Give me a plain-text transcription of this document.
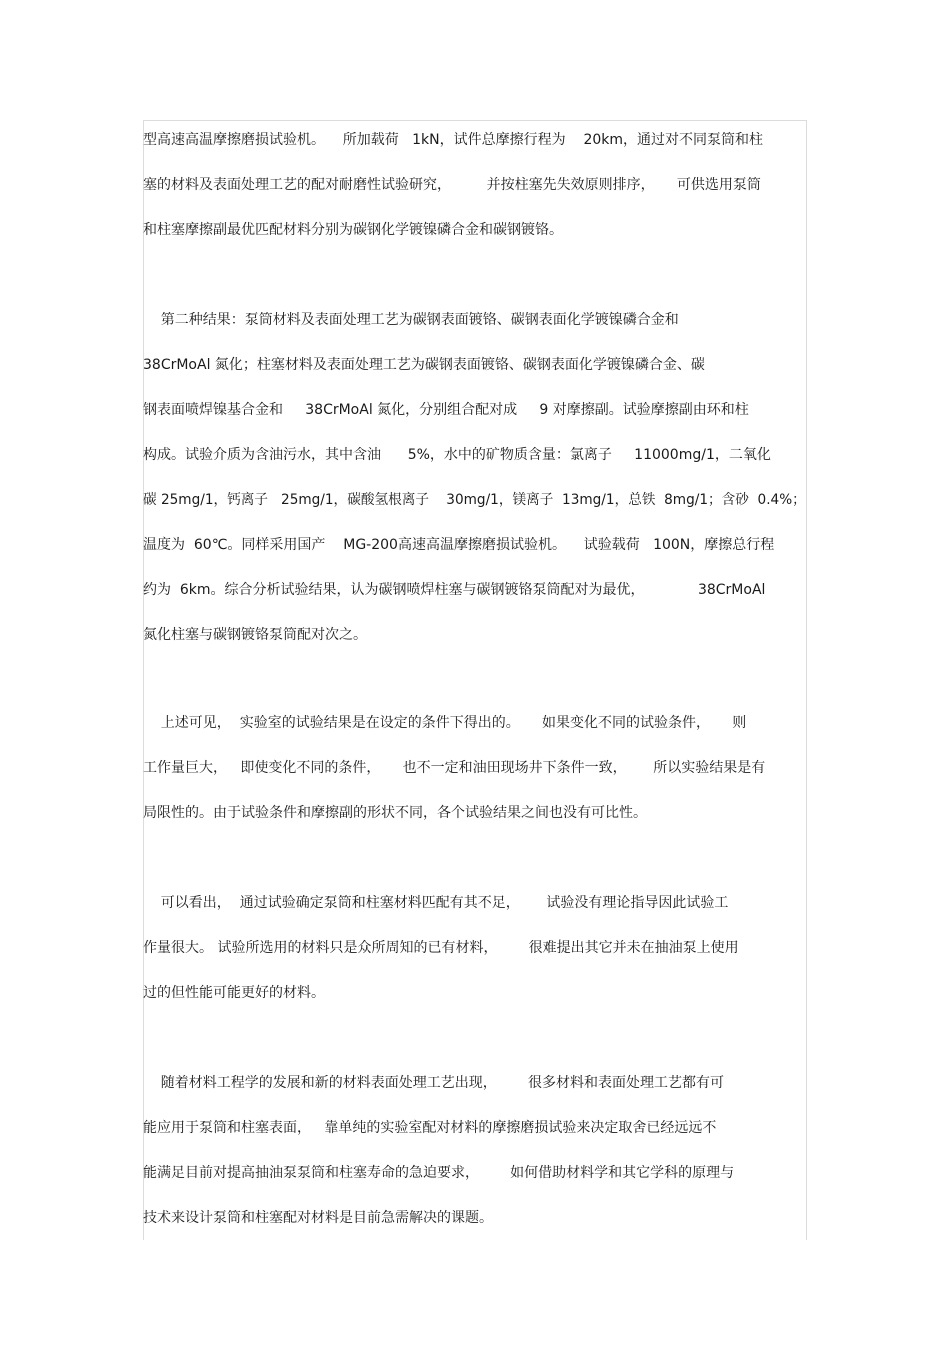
型高速高温摩擦磨损试验机。    所加载荷   1kN，试件总摩擦行程为    20km，通过对不同泵筒和柱
塞的材料及表面处理工艺的配对耐磨性试验研究，        并按柱塞先失效原则排序，     可供选用泵筒
和柱塞摩擦副最优匹配材料分别为碳钢化学镀镍磷合金和碳钢镀铬。
第二种结果：泵筒材料及表面处理工艺为碳钢表面镀铬、碳钢表面化学镀镍磷合金和
38CrMoAl 氮化；柱塞材料及表面处理工艺为碳钢表面镀铬、碳钢表面化学镀镍磷合金、碳
钢表面喷焊镍基合金和     38CrMoAl 氮化，分别组合配对成     9 对摩擦副。试验摩擦副由环和柱
构成。试验介质为含油污水，其中含油      5%，水中的矿物质含量：氯离子     11000mg/1，二氧化
碳 25mg/1，钙离子   25mg/1，碳酸氢根离子    30mg/1，镁离子  13mg/1，总铁  8mg/1；含砂  0.4%；
温度为  60℃。同样采用国产    MG-200高速高温摩擦磨损试验机。    试验载荷   100N，摩擦总行程
约为  6km。综合分析试验结果，认为碳钢喷焊柱塞与碳钢镀铬泵筒配对为最优，            38CrMoAl
氮化柱塞与碳钢镀铬泵筒配对次之。
上述可见，  实验室的试验结果是在设定的条件下得出的。     如果变化不同的试验条件，     则
工作量巨大，   即使变化不同的条件，     也不一定和油田现场井下条件一致，      所以实验结果是有
局限性的。由于试验条件和摩擦副的形状不同，各个试验结果之间也没有可比性。
可以看出，  通过试验确定泵筒和柱塞材料匹配有其不足，      试验没有理论指导因此试验工
作量很大。 试验所选用的材料只是众所周知的已有材料，       很难提出其它并未在抽油泵上使用
过的但性能可能更好的材料。
随着材料工程学的发展和新的材料表面处理工艺出现，       很多材料和表面处理工艺都有可
能应用于泵筒和柱塞表面，   靠单纯的实验室配对材料的摩擦磨损试验来决定取舍已经远远不
能满足目前对提高抽油泵泵筒和柱塞寿命的急迫要求，       如何借助材料学和其它学科的原理与
技术来设计泵筒和柱塞配对材料是目前急需解决的课题。
